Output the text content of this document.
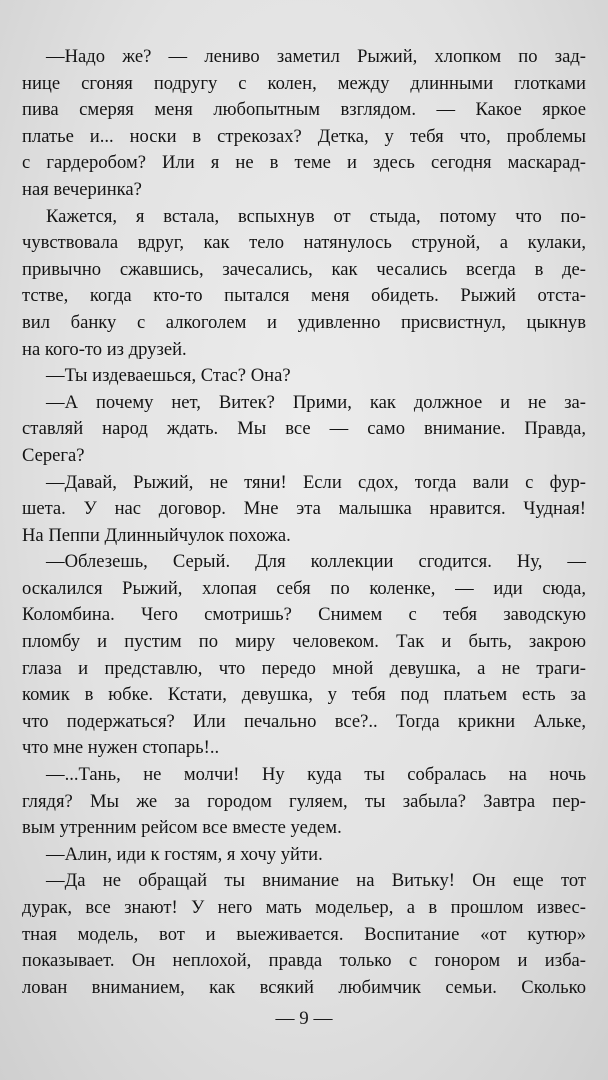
—Надо же? — лениво заметил Рыжий, хлопком по зад-
нице сгоняя подругу с колен, между длинными глотками
пива смеряя меня любопытным взглядом. — Какое яркое
платье и... носки в стрекозах? Детка, у тебя что, проблемы
с гардеробом? Или я не в теме и здесь сегодня маскарад-
ная вечеринка?
Кажется, я встала, вспыхнув от стыда, потому что по-
чувствовала вдруг, как тело натянулось струной, а кулаки,
привычно сжавшись, зачесались, как чесались всегда в де-
тстве, когда кто-то пытался меня обидеть. Рыжий отста-
вил банку с алкоголем и удивленно присвистнул, цыкнув
на кого-то из друзей.
—Ты издеваешься, Стас? Она?
—А почему нет, Витек? Прими, как должное и не за-
ставляй народ ждать. Мы все — само внимание. Правда,
Серега?
—Давай, Рыжий, не тяни! Если сдох, тогда вали с фур-
шета. У нас договор. Мне эта малышка нравится. Чудная!
На Пеппи Длинныйчулок похожа.
—Облезешь, Серый. Для коллекции сгодится. Ну, —
оскалился Рыжий, хлопая себя по коленке, — иди сюда,
Коломбина. Чего смотришь? Снимем с тебя заводскую
пломбу и пустим по миру человеком. Так и быть, закрою
глаза и представлю, что передо мной девушка, а не траги-
комик в юбке. Кстати, девушка, у тебя под платьем есть за
что подержаться? Или печально все?.. Тогда крикни Альке,
что мне нужен стопарь!..
—...Тань, не молчи! Ну куда ты собралась на ночь
глядя? Мы же за городом гуляем, ты забыла? Завтра пер-
вым утренним рейсом все вместе уедем.
—Алин, иди к гостям, я хочу уйти.
—Да не обращай ты внимание на Витьку! Он еще тот
дурак, все знают! У него мать модельер, а в прошлом извес-
тная модель, вот и выеживается. Воспитание «от кутюр»
показывает. Он неплохой, правда только с гонором и изба-
лован вниманием, как всякий любимчик семьи. Сколько
— 9 —
